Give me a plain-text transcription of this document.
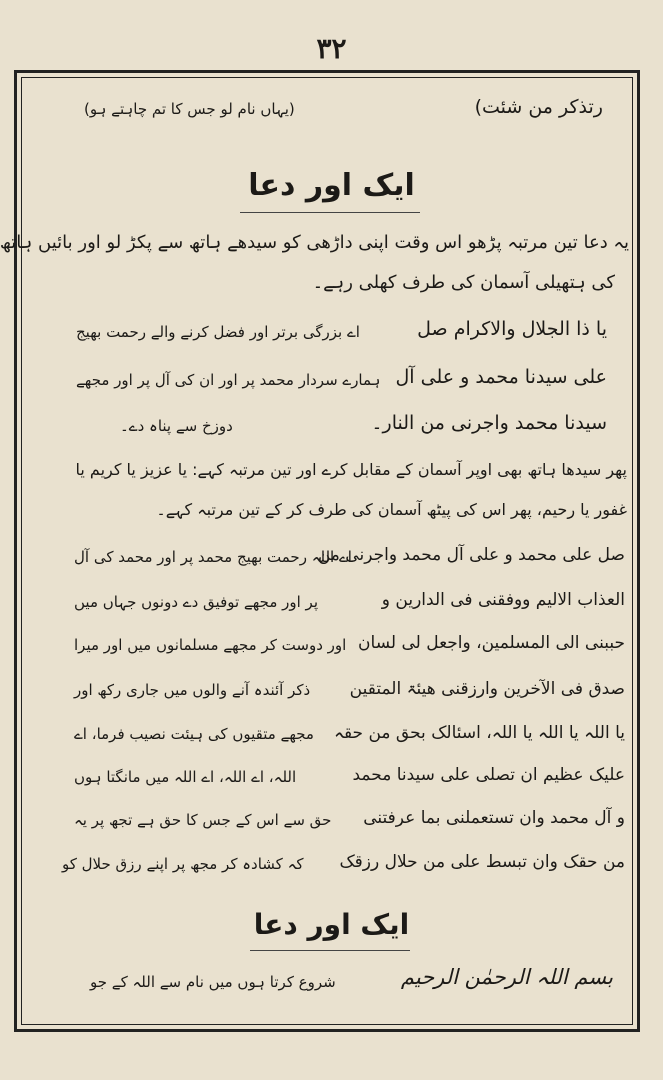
۳۲
رتذکر من شئت)
(یہاں نام لو جس کا تم چاہتے ہو)
ایک اور دعا
یہ دعا تین مرتبہ پڑھو اس وقت اپنی داڑھی کو سیدھے ہاتھ سے پکڑ لو اور بائیں ہاتھ
کی ہتھیلی آسمان کی طرف کھلی رہے۔
یا ذا الجلال والاکرام صل
اے بزرگی برتر اور فضل کرنے والے رحمت بھیج
علی سیدنا محمد و علی آل
ہمارے سردار محمد پر اور ان کی آل پر اور مجھے
سیدنا محمد واجرنی من النار۔
دوزخ سے پناہ دے۔
پھر سیدھا ہاتھ بھی اوپر آسمان کے مقابل کرے اور تین مرتبہ کہے: یا عزیز یا کریم یا
غفور یا رحیم، پھر اس کی پیٹھ آسمان کی طرف کر کے تین مرتبہ کہے۔
صل علی محمد و علی آل محمد واجرنی من
اے اللہ رحمت بھیج محمد پر اور محمد کی آل
العذاب الالیم ووفقنی فی الدارین و
پر اور مجھے توفیق دے دونوں جہاں میں
حببنی الی المسلمین، واجعل لی لسان
اور دوست کر مجھے مسلمانوں میں اور میرا
صدق فی الآخرین وارزقنی ھیئۃ المتقین
ذکر آئندہ آنے والوں میں جاری رکھ اور
یا اللہ یا اللہ یا اللہ، اسئالک بحق من حقہ
مجھے متقیوں کی ہیئت نصیب فرما، اے
علیک عظیم ان تصلی علی سیدنا محمد
اللہ، اے اللہ، اے اللہ میں مانگتا ہوں
و آل محمد وان تستعملنی بما عرفتنی
حق سے اس کے جس کا حق ہے تجھ پر یہ
من حقک وان تبسط علی من حلال رزقک
کہ کشادہ کر مجھ پر اپنے رزق حلال کو
ایک اور دعا
بسم اللہ الرحمٰن الرحیم
شروع کرتا ہوں میں نام سے اللہ کے جو
